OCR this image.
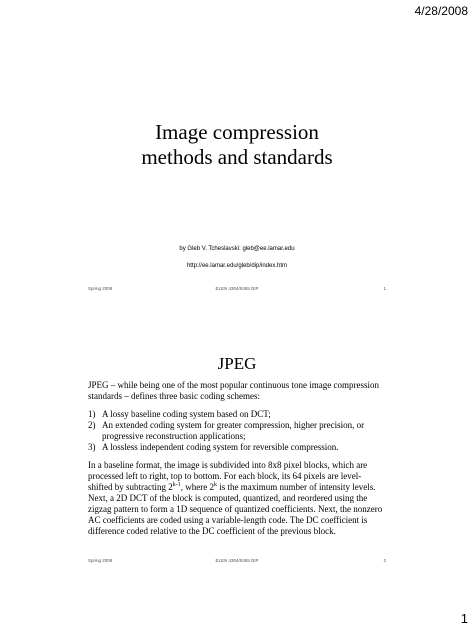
4/28/2008
Image compression
methods and standards
by Gleb V. Tcheslavski: gleb@ee.lamar.edu
http://ee.lamar.edu/gleb/dip/index.htm
Spring 2008	ELEN 4304/5365 DIP	1
JPEG

JPEG – while being one of the most popular continuous tone image compression standards – defines three basic coding schemes:

1) A lossy baseline coding system based on DCT;
2) An extended coding system for greater compression, higher precision, or progressive reconstruction applications;
3) A lossless independent coding system for reversible compression.

In a baseline format, the image is subdivided into 8x8 pixel blocks, which are processed left to right, top to bottom. For each block, its 64 pixels are level-shifted by subtracting 2$^{k-1}$, where 2$^k$ is the maximum number of intensity levels. Next, a 2D DCT of the block is computed, quantized, and reordered using the zigzag pattern to form a 1D sequence of quantized coefficients. Next, the nonzero AC coefficients are coded using a variable-length code. The DC coefficient is difference coded relative to the DC coefficient of the previous block.

Spring 2008	ELEN 4304/5365 DIP	2
1
